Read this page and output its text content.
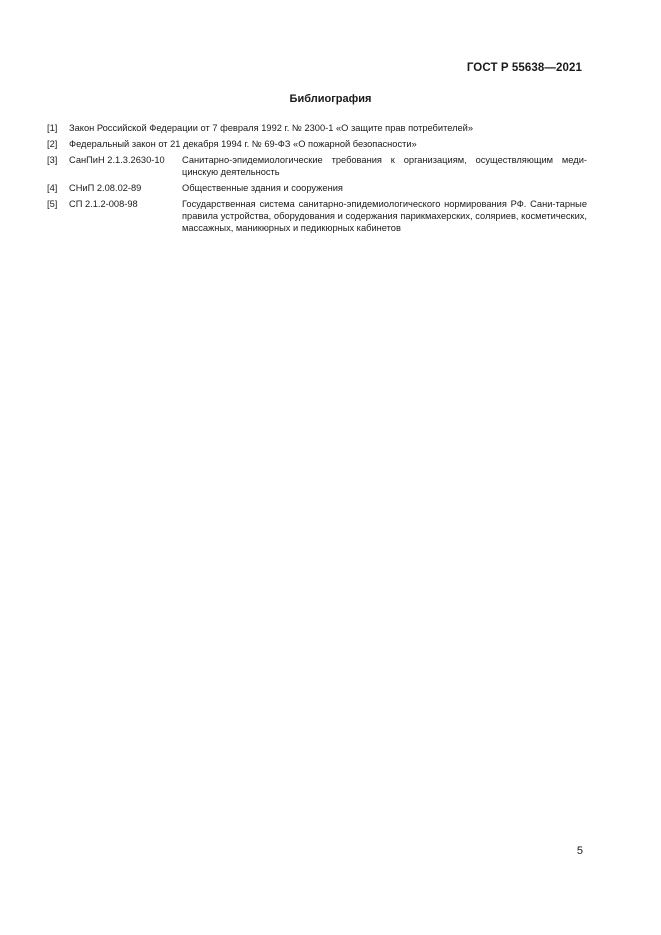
ГОСТ Р 55638—2021
Библиография
[1]	Закон Российской Федерации от 7 февраля 1992 г. № 2300-1 «О защите прав потребителей»
[2]	Федеральный закон от 21 декабря 1994 г. № 69-ФЗ «О пожарной безопасности»
[3] СанПиН 2.1.3.2630-10	Санитарно-эпидемиологические требования к организациям, осуществляющим меди-цинскую деятельность
[4] СНиП 2.08.02-89	Общественные здания и сооружения
[5] СП 2.1.2-008-98	Государственная система санитарно-эпидемиологического нормирования РФ. Сани-тарные правила устройства, оборудования и содержания парикмахерских, соляриев, косметических, массажных, маникюрных и педикюрных кабинетов
5
